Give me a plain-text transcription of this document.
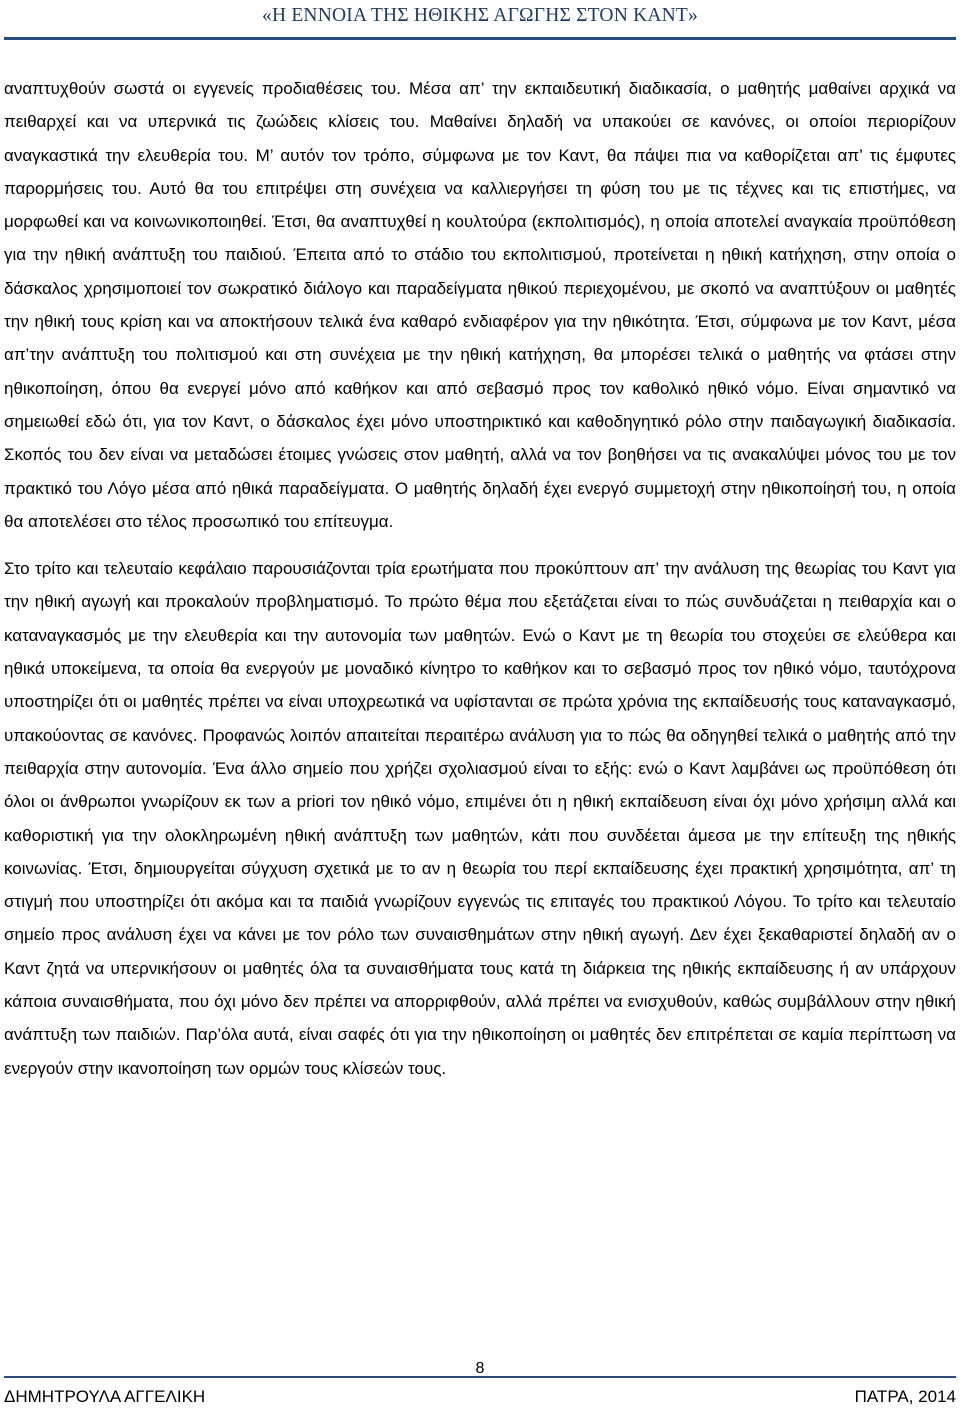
«Η ΕΝΝΟΙΑ ΤΗΣ ΗΘΙΚΗΣ ΑΓΩΓΗΣ ΣΤΟΝ ΚΑΝΤ»

αναπτυχθούν σωστά οι εγγενείς προδιαθέσεις του. Μέσα απ’ την εκπαιδευτική διαδικασία, ο μαθητής μαθαίνει αρχικά να πειθαρχεί και να υπερνικά τις ζωώδεις κλίσεις του. Μαθαίνει δηλαδή να υπακούει σε κανόνες, οι οποίοι περιορίζουν αναγκαστικά την ελευθερία του. Μ’ αυτόν τον τρόπο, σύμφωνα με τον Καντ, θα πάψει πια να καθορίζεται απ’ τις έμφυτες παρορμήσεις του. Αυτό θα του επιτρέψει στη συνέχεια να καλλιεργήσει τη φύση του με τις τέχνες και τις επιστήμες, να μορφωθεί και να κοινωνικοποιηθεί. Έτσι, θα αναπτυχθεί η κουλτούρα (εκπολιτισμός), η οποία αποτελεί αναγκαία προϋπόθεση για την ηθική ανάπτυξη του παιδιού. Έπειτα από το στάδιο του εκπολιτισμού, προτείνεται η ηθική κατήχηση, στην οποία ο δάσκαλος χρησιμοποιεί τον σωκρατικό διάλογο και παραδείγματα ηθικού περιεχομένου, με σκοπό να αναπτύξουν οι μαθητές την ηθική τους κρίση και να αποκτήσουν τελικά ένα καθαρό ενδιαφέρον για την ηθικότητα. Έτσι, σύμφωνα με τον Καντ, μέσα απ’την ανάπτυξη του πολιτισμού και στη συνέχεια με την ηθική κατήχηση, θα μπορέσει τελικά ο μαθητής να φτάσει στην ηθικοποίηση, όπου θα ενεργεί μόνο από καθήκον και από σεβασμό προς τον καθολικό ηθικό νόμο. Είναι σημαντικό να σημειωθεί εδώ ότι, για τον Καντ, ο δάσκαλος έχει μόνο υποστηρικτικό και καθοδηγητικό ρόλο στην παιδαγωγική διαδικασία. Σκοπός του δεν είναι να μεταδώσει έτοιμες γνώσεις στον μαθητή, αλλά να τον βοηθήσει να τις ανακαλύψει μόνος του με τον πρακτικό του Λόγο μέσα από ηθικά παραδείγματα. Ο μαθητής δηλαδή έχει ενεργό συμμετοχή στην ηθικοποίησή του, η οποία θα αποτελέσει στο τέλος προσωπικό του επίτευγμα.

Στο τρίτο και τελευταίο κεφάλαιο παρουσιάζονται τρία ερωτήματα που προκύπτουν απ’ την ανάλυση της θεωρίας του Καντ για την ηθική αγωγή και προκαλούν προβληματισμό. Το πρώτο θέμα που εξετάζεται είναι το πώς συνδυάζεται η πειθαρχία και ο καταναγκασμός με την ελευθερία και την αυτονομία των μαθητών. Ενώ ο Καντ με τη θεωρία του στοχεύει σε ελεύθερα και ηθικά υποκείμενα, τα οποία θα ενεργούν με μοναδικό κίνητρο το καθήκον και το σεβασμό προς τον ηθικό νόμο, ταυτόχρονα υποστηρίζει ότι οι μαθητές πρέπει να είναι υποχρεωτικά να υφίστανται σε πρώτα χρόνια της εκπαίδευσής τους καταναγκασμό, υπακούοντας σε κανόνες. Προφανώς λοιπόν απαιτείται περαιτέρω ανάλυση για το πώς θα οδηγηθεί τελικά ο μαθητής από την πειθαρχία στην αυτονομία. Ένα άλλο σημείο που χρήζει σχολιασμού είναι το εξής: ενώ ο Καντ λαμβάνει ως προϋπόθεση ότι όλοι οι άνθρωποι γνωρίζουν εκ των a priori τον ηθικό νόμο, επιμένει ότι η ηθική εκπαίδευση είναι όχι μόνο χρήσιμη αλλά και καθοριστική για την ολοκληρωμένη ηθική ανάπτυξη των μαθητών, κάτι που συνδέεται άμεσα με την επίτευξη της ηθικής κοινωνίας. Έτσι, δημιουργείται σύγχυση σχετικά με το αν η θεωρία του περί εκπαίδευσης έχει πρακτική χρησιμότητα, απ’ τη στιγμή που υποστηρίζει ότι ακόμα και τα παιδιά γνωρίζουν εγγενώς τις επιταγές του πρακτικού Λόγου. Το τρίτο και τελευταίο σημείο προς ανάλυση έχει να κάνει με τον ρόλο των συναισθημάτων στην ηθική αγωγή. Δεν έχει ξεκαθαριστεί δηλαδή αν ο Καντ ζητά να υπερνικήσουν οι μαθητές όλα τα συναισθήματα τους κατά τη διάρκεια της ηθικής εκπαίδευσης ή αν υπάρχουν κάποια συναισθήματα, που όχι μόνο δεν πρέπει να απορριφθούν, αλλά πρέπει να ενισχυθούν, καθώς συμβάλλουν στην ηθική ανάπτυξη των παιδιών. Παρ’όλα αυτά, είναι σαφές ότι για την ηθικοποίηση οι μαθητές δεν επιτρέπεται σε καμία περίπτωση να ενεργούν στην ικανοποίηση των ορμών τους κλίσεών τους.

8
ΔΗΜΗΤΡΟΥΛΑ ΑΓΓΕΛΙΚΗ	ΠΑΤΡΑ, 2014
